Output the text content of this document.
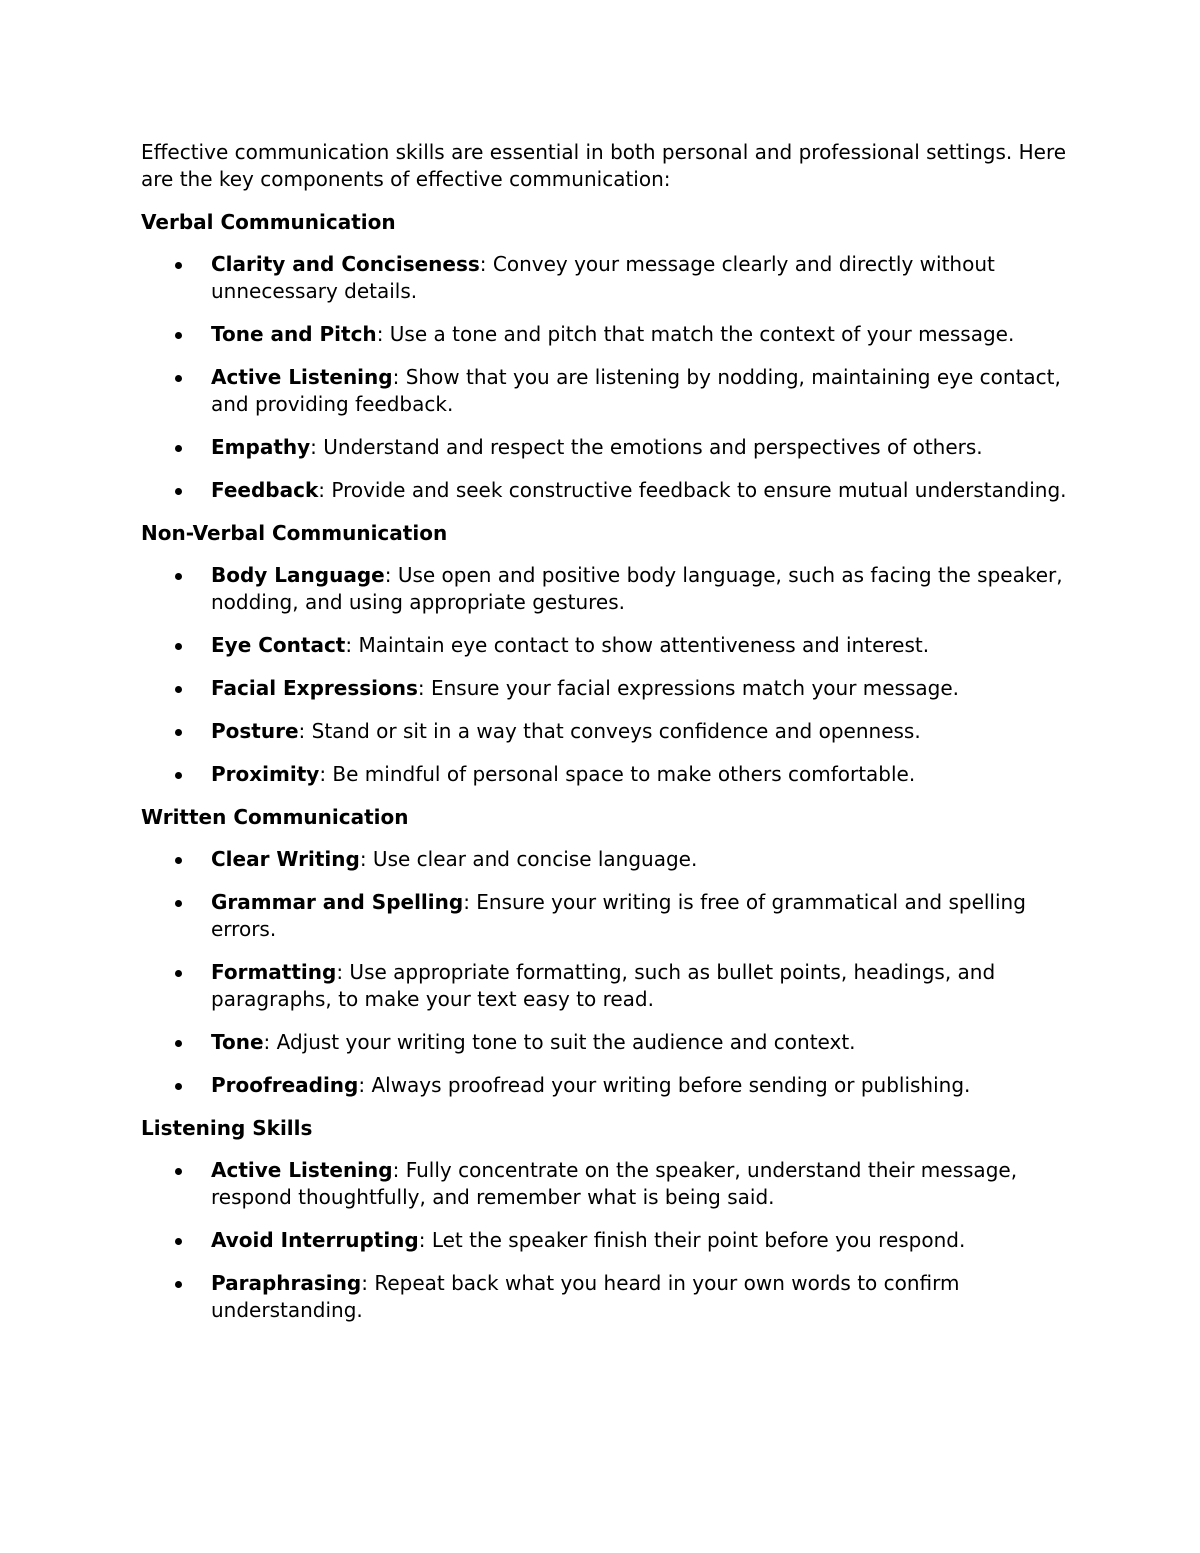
Effective communication skills are essential in both personal and professional settings. Here are the key components of effective communication:

Verbal Communication
Clarity and Conciseness: Convey your message clearly and directly without unnecessary details.
Tone and Pitch: Use a tone and pitch that match the context of your message.
Active Listening: Show that you are listening by nodding, maintaining eye contact, and providing feedback.
Empathy: Understand and respect the emotions and perspectives of others.
Feedback: Provide and seek constructive feedback to ensure mutual understanding.
Non-Verbal Communication
Body Language: Use open and positive body language, such as facing the speaker, nodding, and using appropriate gestures.
Eye Contact: Maintain eye contact to show attentiveness and interest.
Facial Expressions: Ensure your facial expressions match your message.
Posture: Stand or sit in a way that conveys confidence and openness.
Proximity: Be mindful of personal space to make others comfortable.
Written Communication
Clear Writing: Use clear and concise language.
Grammar and Spelling: Ensure your writing is free of grammatical and spelling errors.
Formatting: Use appropriate formatting, such as bullet points, headings, and paragraphs, to make your text easy to read.
Tone: Adjust your writing tone to suit the audience and context.
Proofreading: Always proofread your writing before sending or publishing.
Listening Skills
Active Listening: Fully concentrate on the speaker, understand their message, respond thoughtfully, and remember what is being said.
Avoid Interrupting: Let the speaker finish their point before you respond.
Paraphrasing: Repeat back what you heard in your own words to confirm understanding.
